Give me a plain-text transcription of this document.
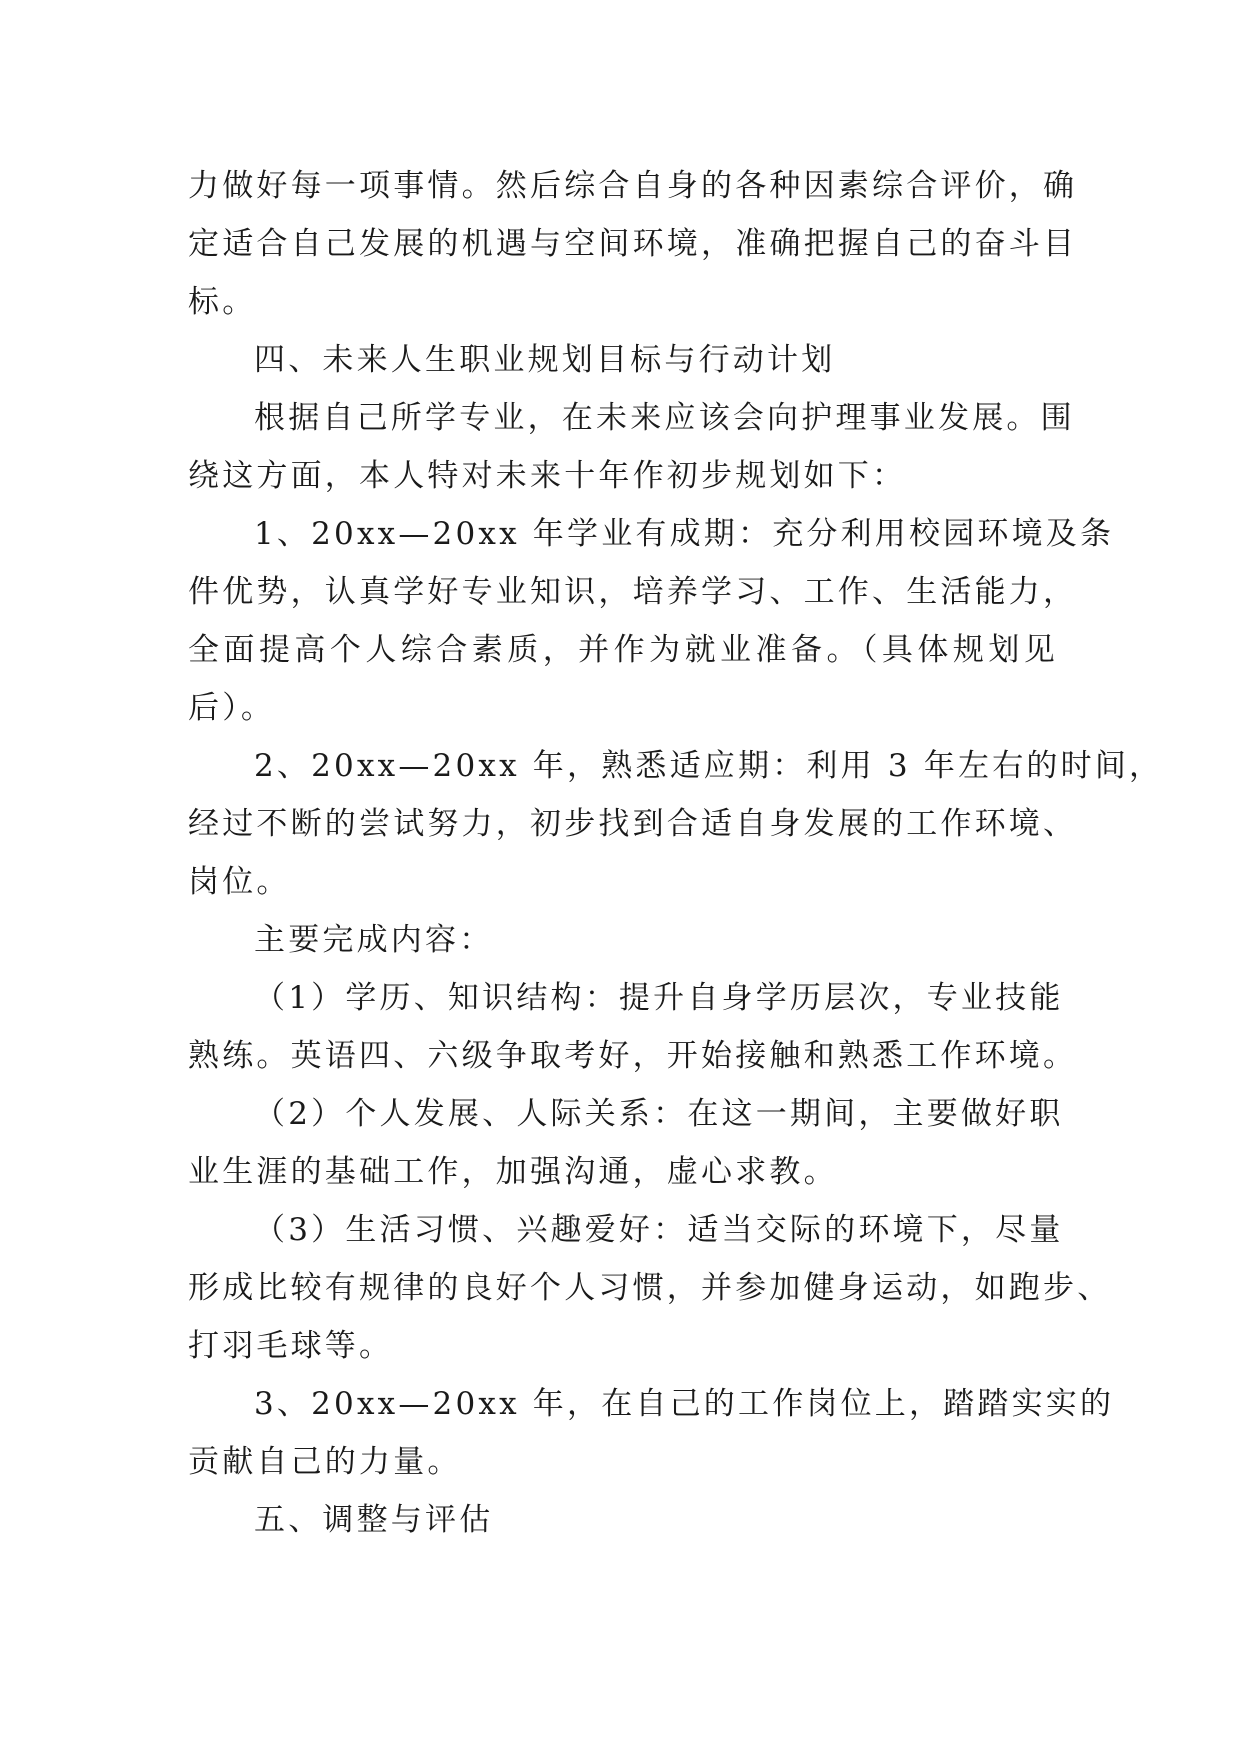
力做好每一项事情。然后综合自身的各种因素综合评价，确
定适合自己发展的机遇与空间环境，准确把握自己的奋斗目
标。
四、未来人生职业规划目标与行动计划
根据自己所学专业，在未来应该会向护理事业发展。围
绕这方面，本人特对未来十年作初步规划如下：
1、20xx—20xx 年学业有成期：充分利用校园环境及条
件优势，认真学好专业知识，培养学习、工作、生活能力，
全面提高个人综合素质，并作为就业准备。（具体规划见
后）。
2、20xx—20xx 年，熟悉适应期：利用 3 年左右的时间，
经过不断的尝试努力，初步找到合适自身发展的工作环境、
岗位。
主要完成内容：
（1）学历、知识结构：提升自身学历层次，专业技能
熟练。英语四、六级争取考好，开始接触和熟悉工作环境。
（2）个人发展、人际关系：在这一期间，主要做好职
业生涯的基础工作，加强沟通，虚心求教。
（3）生活习惯、兴趣爱好：适当交际的环境下，尽量
形成比较有规律的良好个人习惯，并参加健身运动，如跑步、
打羽毛球等。
3、20xx—20xx 年，在自己的工作岗位上，踏踏实实的
贡献自己的力量。
五、调整与评估
